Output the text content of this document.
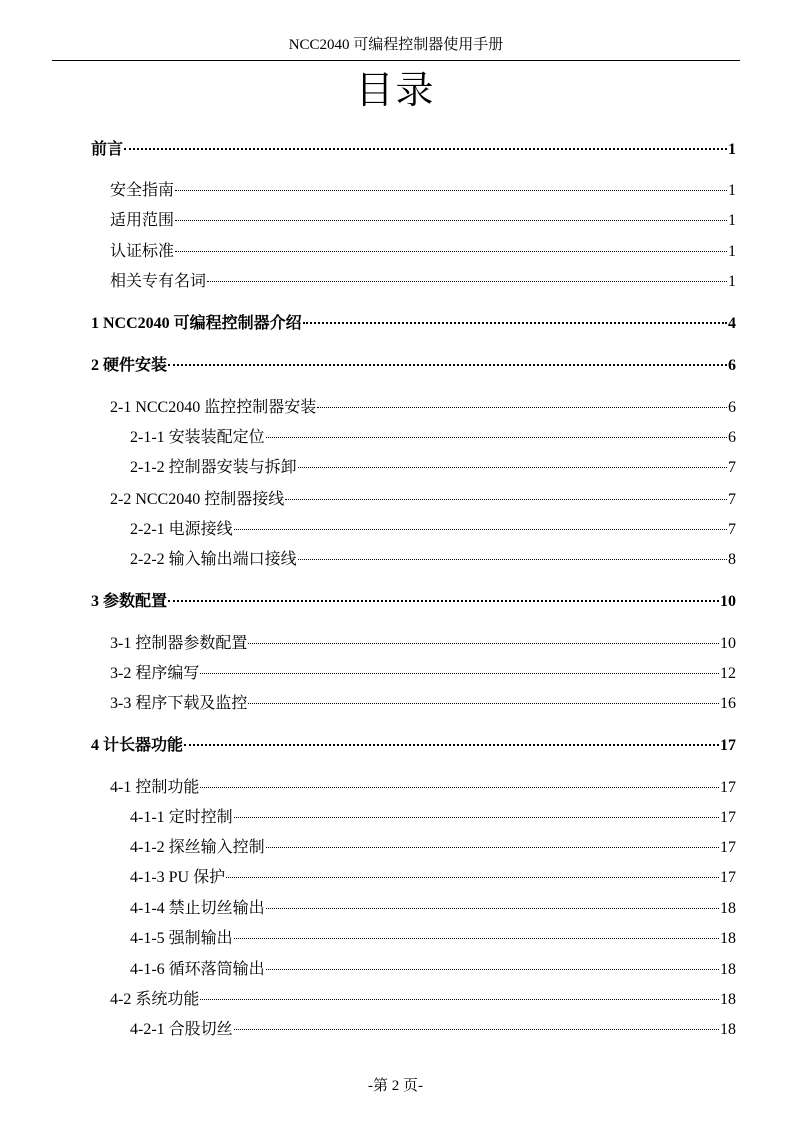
NCC2040 可编程控制器使用手册
目录
前言	1
安全指南	1
适用范围	1
认证标准	1
相关专有名词	1
1 NCC2040 可编程控制器介绍	4
2 硬件安装	6
2-1 NCC2040 监控控制器安装	6
2-1-1 安装装配定位	6
2-1-2 控制器安装与拆卸	7
2-2 NCC2040 控制器接线	7
2-2-1 电源接线	7
2-2-2 输入输出端口接线	8
3 参数配置	10
3-1 控制器参数配置	10
3-2 程序编写	12
3-3 程序下载及监控	16
4 计长器功能	17
4-1 控制功能	17
4-1-1 定时控制	17
4-1-2 探丝输入控制	17
4-1-3 PU 保护	17
4-1-4 禁止切丝输出	18
4-1-5 强制输出	18
4-1-6 循环落筒输出	18
4-2 系统功能	18
4-2-1 合股切丝	18
-第 2 页-
